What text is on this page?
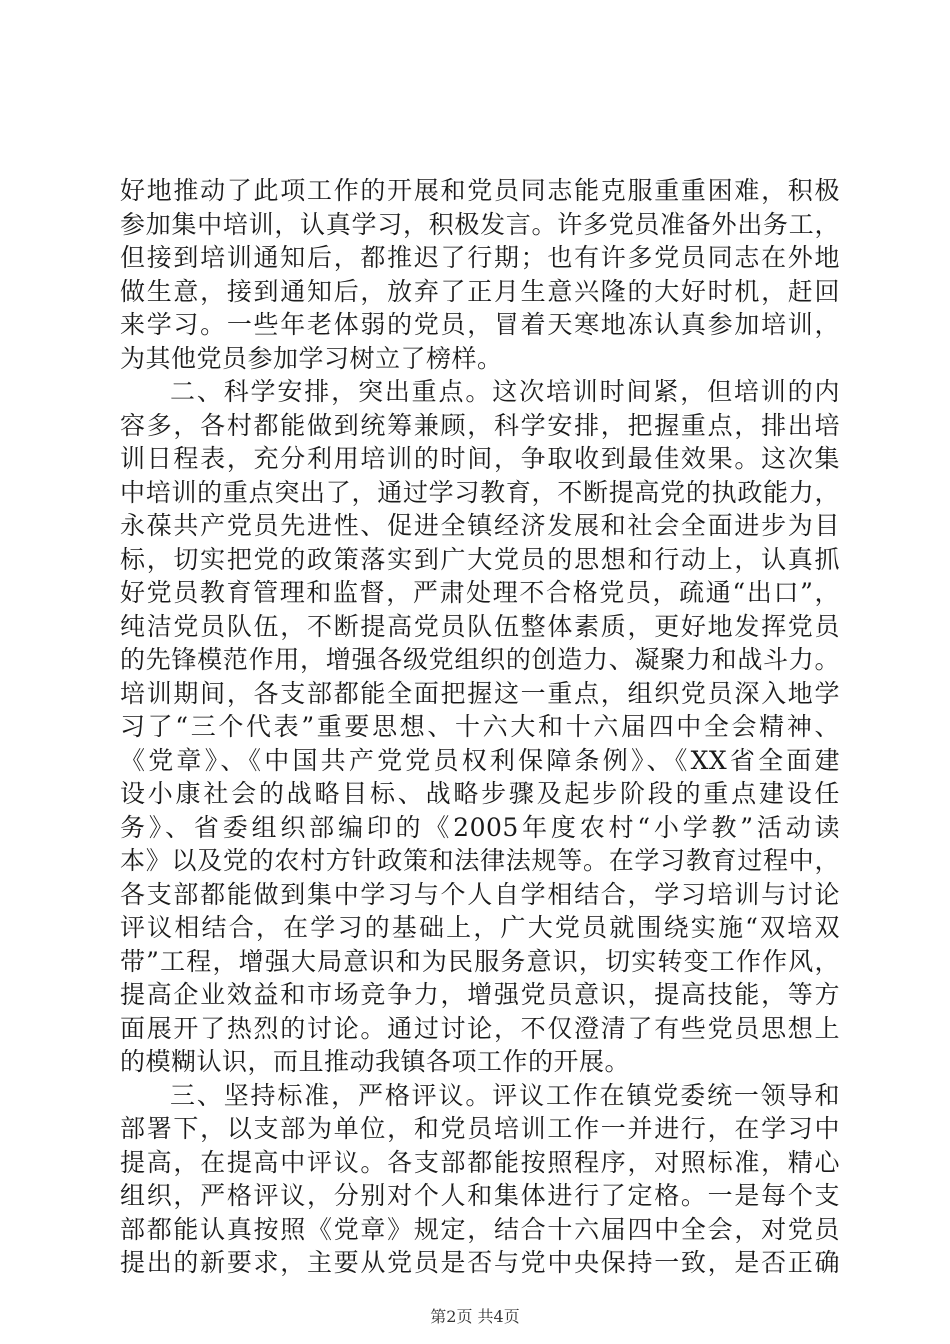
好地推动了此项工作的开展和党员同志能克服重重困难，积极
参加集中培训，认真学习，积极发言。许多党员准备外出务工，
但接到培训通知后，都推迟了行期；也有许多党员同志在外地
做生意，接到通知后，放弃了正月生意兴隆的大好时机，赶回
来学习。一些年老体弱的党员，冒着天寒地冻认真参加培训，
为其他党员参加学习树立了榜样。
二、科学安排，突出重点。这次培训时间紧，但培训的内
容多，各村都能做到统筹兼顾，科学安排，把握重点，排出培
训日程表，充分利用培训的时间，争取收到最佳效果。这次集
中培训的重点突出了，通过学习教育，不断提高党的执政能力，
永葆共产党员先进性、促进全镇经济发展和社会全面进步为目
标，切实把党的政策落实到广大党员的思想和行动上，认真抓
好党员教育管理和监督，严肃处理不合格党员，疏通“出口”，
纯洁党员队伍，不断提高党员队伍整体素质，更好地发挥党员
的先锋模范作用，增强各级党组织的创造力、凝聚力和战斗力。
培训期间，各支部都能全面把握这一重点，组织党员深入地学
习了“三个代表”重要思想、十六大和十六届四中全会精神、
《党章》、《中国共产党党员权利保障条例》、《XX省全面建
设小康社会的战略目标、战略步骤及起步阶段的重点建设任
务》、省委组织部编印的《2005年度农村“小学教”活动读
本》以及党的农村方针政策和法律法规等。在学习教育过程中，
各支部都能做到集中学习与个人自学相结合，学习培训与讨论
评议相结合，在学习的基础上，广大党员就围绕实施“双培双
带”工程，增强大局意识和为民服务意识，切实转变工作作风，
提高企业效益和市场竞争力，增强党员意识，提高技能，等方
面展开了热烈的讨论。通过讨论，不仅澄清了有些党员思想上
的模糊认识，而且推动我镇各项工作的开展。
三、坚持标准，严格评议。评议工作在镇党委统一领导和
部署下，以支部为单位，和党员培训工作一并进行，在学习中
提高，在提高中评议。各支部都能按照程序，对照标准，精心
组织，严格评议，分别对个人和集体进行了定格。一是每个支
部都能认真按照《党章》规定，结合十六届四中全会，对党员
提出的新要求，主要从党员是否与党中央保持一致，是否正确
第2页 共4页
